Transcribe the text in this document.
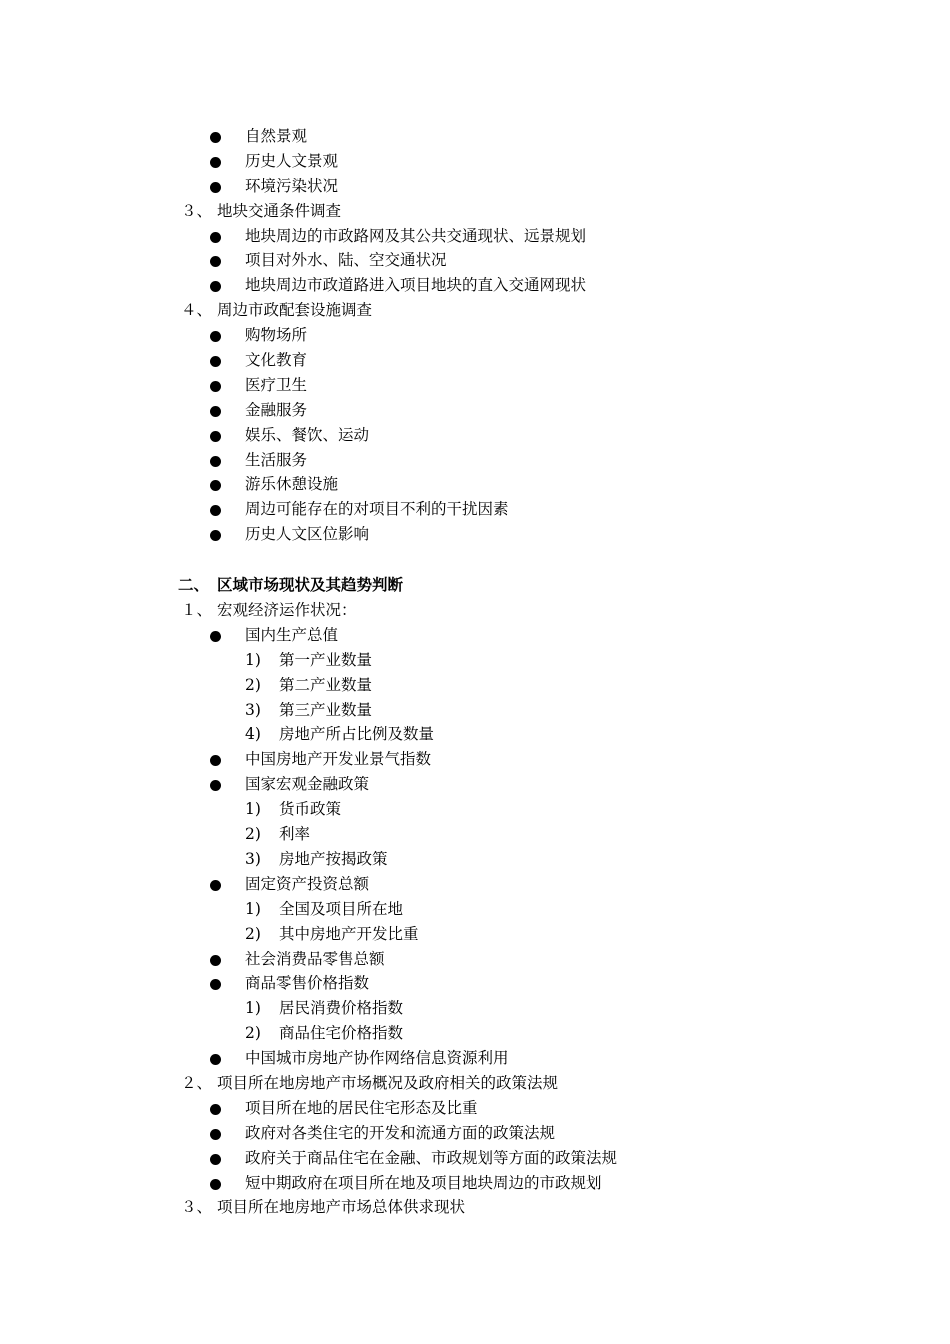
自然景观
历史人文景观
环境污染状况
３、 地块交通条件调查
地块周边的市政路网及其公共交通现状、远景规划
项目对外水、陆、空交通状况
地块周边市政道路进入项目地块的直入交通网现状
４、 周边市政配套设施调查
购物场所
文化教育
医疗卫生
金融服务
娱乐、餐饮、运动
生活服务
游乐休憩设施
周边可能存在的对项目不利的干扰因素
历史人文区位影响
二、 区域市场现状及其趋势判断
１、 宏观经济运作状况：
国内生产总值
1) 第一产业数量
2) 第二产业数量
3) 第三产业数量
4) 房地产所占比例及数量
中国房地产开发业景气指数
国家宏观金融政策
1) 货币政策
2) 利率
3) 房地产按揭政策
固定资产投资总额
1) 全国及项目所在地
2) 其中房地产开发比重
社会消费品零售总额
商品零售价格指数
1) 居民消费价格指数
2) 商品住宅价格指数
中国城市房地产协作网络信息资源利用
２、 项目所在地房地产市场概况及政府相关的政策法规
项目所在地的居民住宅形态及比重
政府对各类住宅的开发和流通方面的政策法规
政府关于商品住宅在金融、市政规划等方面的政策法规
短中期政府在项目所在地及项目地块周边的市政规划
３、 项目所在地房地产市场总体供求现状
